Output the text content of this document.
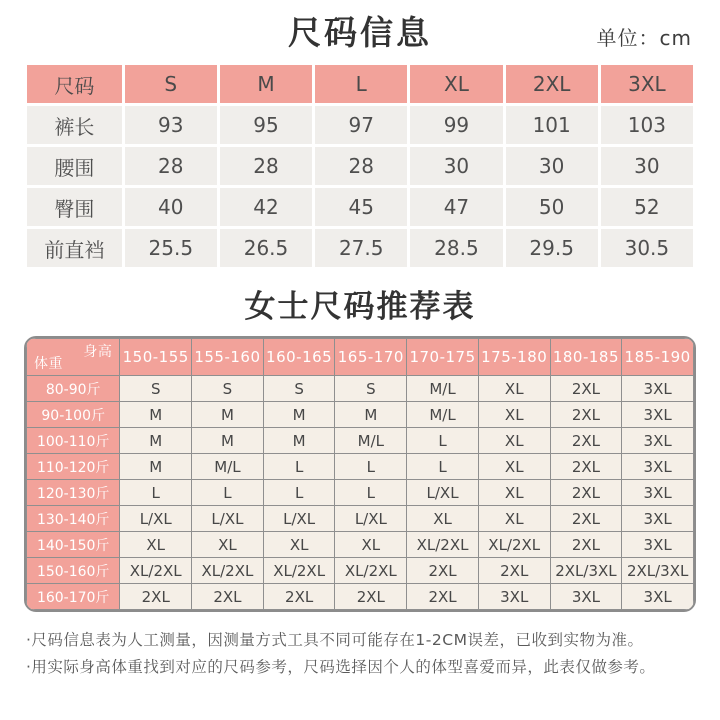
尺码信息	单位：cm
尺码	S	M	L	XL	2XL	3XL
裤长	93	95	97	99	101	103
腰围	28	28	28	30	30	30
臀围	40	42	45	47	50	52
前直裆	25.5	26.5	27.5	28.5	29.5	30.5
女士尺码推荐表
身高
体重	150-155	155-160	160-165	165-170	170-175	175-180	180-185	185-190
80-90斤	S	S	S	S	M/L	XL	2XL	3XL
90-100斤	M	M	M	M	M/L	XL	2XL	3XL
100-110斤	M	M	M	M/L	L	XL	2XL	3XL
110-120斤	M	M/L	L	L	L	XL	2XL	3XL
120-130斤	L	L	L	L	L/XL	XL	2XL	3XL
130-140斤	L/XL	L/XL	L/XL	L/XL	XL	XL	2XL	3XL
140-150斤	XL	XL	XL	XL	XL/2XL	XL/2XL	2XL	3XL
150-160斤	XL/2XL	XL/2XL	XL/2XL	XL/2XL	2XL	2XL	2XL/3XL	2XL/3XL
160-170斤	2XL	2XL	2XL	2XL	2XL	3XL	3XL	3XL
·尺码信息表为人工测量，因测量方式工具不同可能存在1-2CM误差，已收到实物为准。
·用实际身高体重找到对应的尺码参考，尺码选择因个人的体型喜爱而异，此表仅做参考。
